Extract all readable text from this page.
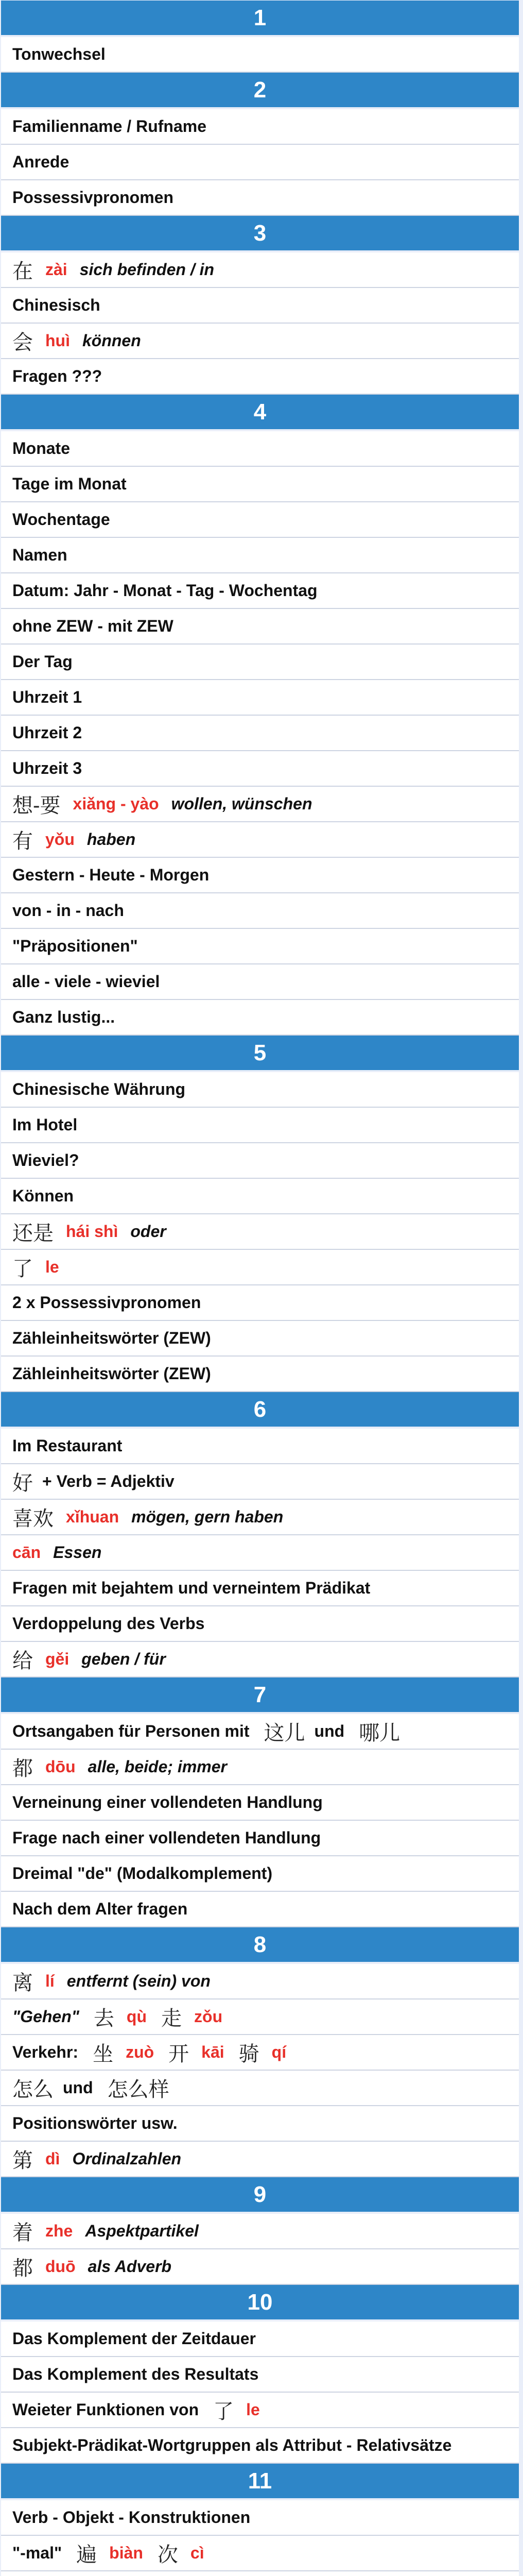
1
Tonwechsel
2
Familienname / Rufname
Anrede
Possessivpronomen
3
在 zài sich befinden / in
Chinesisch
会 huì können
Fragen ???
4
Monate
Tage im Monat
Wochentage
Namen
Datum: Jahr - Monat - Tag - Wochentag
ohne ZEW - mit ZEW
Der Tag
Uhrzeit 1
Uhrzeit 2
Uhrzeit 3
想-要 xiǎng - yào wollen, wünschen
有 yǒu haben
Gestern - Heute - Morgen
von - in - nach
"Präpositionen"
alle - viele - wieviel
Ganz lustig...
5
Chinesische Währung
Im Hotel
Wieviel?
Können
还是 hái shì oder
了 le
2 x Possessivpronomen
Zähleinheitswörter (ZEW)
Zähleinheitswörter (ZEW)
6
Im Restaurant
好 + Verb = Adjektiv
喜欢 xǐhuan mögen, gern haben
cān Essen
Fragen mit bejahtem und verneintem Prädikat
Verdoppelung des Verbs
给 gěi geben / für
7
Ortsangaben für Personen mit 这儿 und 哪儿
都 dōu alle, beide; immer
Verneinung einer vollendeten Handlung
Frage nach einer vollendeten Handlung
Dreimal "de" (Modalkomplement)
Nach dem Alter fragen
8
离 lí entfernt (sein) von
"Gehen" 去 qù 走 zǒu
Verkehr: 坐 zuò 开 kāi 骑 qí
怎么 und 怎么样
Positionswörter usw.
第 dì Ordinalzahlen
9
着 zhe Aspektpartikel
都 duō als Adverb
10
Das Komplement der Zeitdauer
Das Komplement des Resultats
Weieter Funktionen von 了 le
Subjekt-Prädikat-Wortgruppen als Attribut - Relativsätze
11
Verb - Objekt - Konstruktionen
"-mal" 遍 biàn 次 cì
